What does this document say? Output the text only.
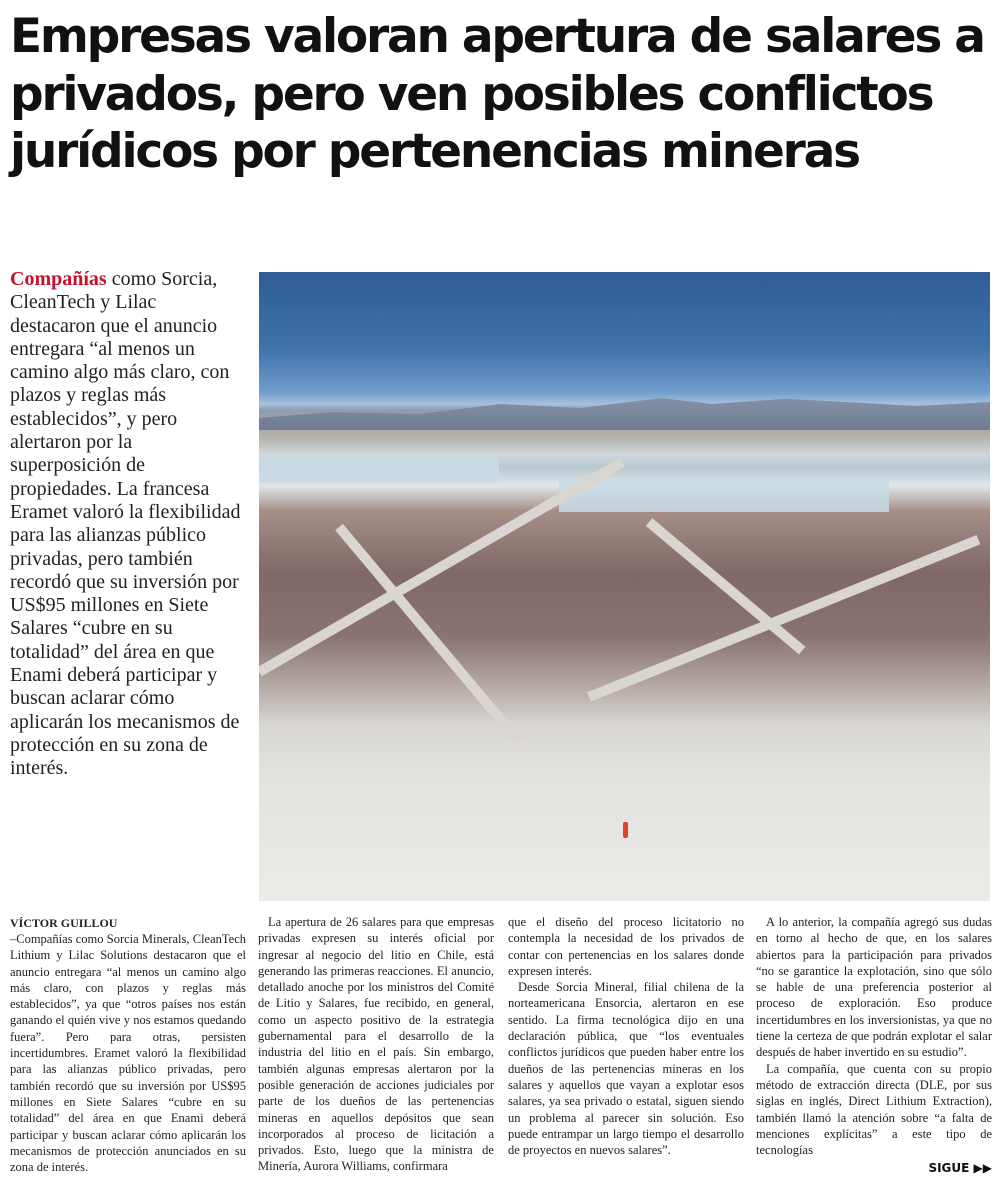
Empresas valoran apertura de salares a privados, pero ven posibles conflictos jurídicos por pertenencias mineras

Compañías como Sorcia, CleanTech y Lilac destacaron que el anuncio entregara “al menos un camino algo más claro, con plazos y reglas más establecidos”, y pero alertaron por la superposición de propiedades. La francesa Eramet valoró la flexibilidad para las alianzas público privadas, pero también recordó que su inversión por US$95 millones en Siete Salares “cubre en su totalidad” del área en que Enami deberá participar y buscan aclarar cómo aplicarán los mecanismos de protección en su zona de interés.

VÍCTOR GUILLOU

–Compañías como Sorcia Minerals, CleanTech Lithium y Lilac Solutions destacaron que el anuncio entregara “al menos un camino algo más claro, con plazos y reglas más establecidos”, ya que “otros países nos están ganando el quién vive y nos estamos quedando fuera”. Pero para otras, persisten incertidumbres. Eramet valoró la flexibilidad para las alianzas público privadas, pero también recordó que su inversión por US$95 millones en Siete Salares “cubre en su totalidad” del área en que Enami deberá participar y buscan aclarar cómo aplicarán los mecanismos de protección anunciados en su zona de interés.

La apertura de 26 salares para que empresas privadas expresen su interés oficial por ingresar al negocio del litio en Chile, está generando las primeras reacciones. El anuncio, detallado anoche por los ministros del Comité de Litio y Salares, fue recibido, en general, como un aspecto positivo de la estrategia gubernamental para el desarrollo de la industria del litio en el país. Sin embargo, también algunas empresas alertaron por la posible generación de acciones judiciales por parte de los dueños de las pertenencias mineras en aquellos depósitos que sean incorporados al proceso de licitación a privados. Esto, luego que la ministra de Minería, Aurora Williams, confirmara

que el diseño del proceso licitatorio no contempla la necesidad de los privados de contar con pertenencias en los salares donde expresen interés.

Desde Sorcia Mineral, filial chilena de la norteamericana Ensorcia, alertaron en ese sentido. La firma tecnológica dijo en una declaración pública, que “los eventuales conflictos jurídicos que pueden haber entre los dueños de las pertenencias mineras en los salares y aquellos que vayan a explotar esos salares, ya sea privado o estatal, siguen siendo un problema al parecer sin solución. Eso puede entrampar un largo tiempo el desarrollo de proyectos en nuevos salares”.

A lo anterior, la compañía agregó sus dudas en torno al hecho de que, en los salares abiertos para la participación para privados “no se garantice la explotación, sino que sólo se hable de una preferencia posterior al proceso de exploración. Eso produce incertidumbres en los inversionistas, ya que no tiene la certeza de que podrán explotar el salar después de haber invertido en su estudio”.

La compañía, que cuenta con su propio método de extracción directa (DLE, por sus siglas en inglés, Direct Lithium Extraction), también llamó la atención sobre “a falta de menciones explícitas” a este tipo de tecnologías

SIGUE ▶▶
